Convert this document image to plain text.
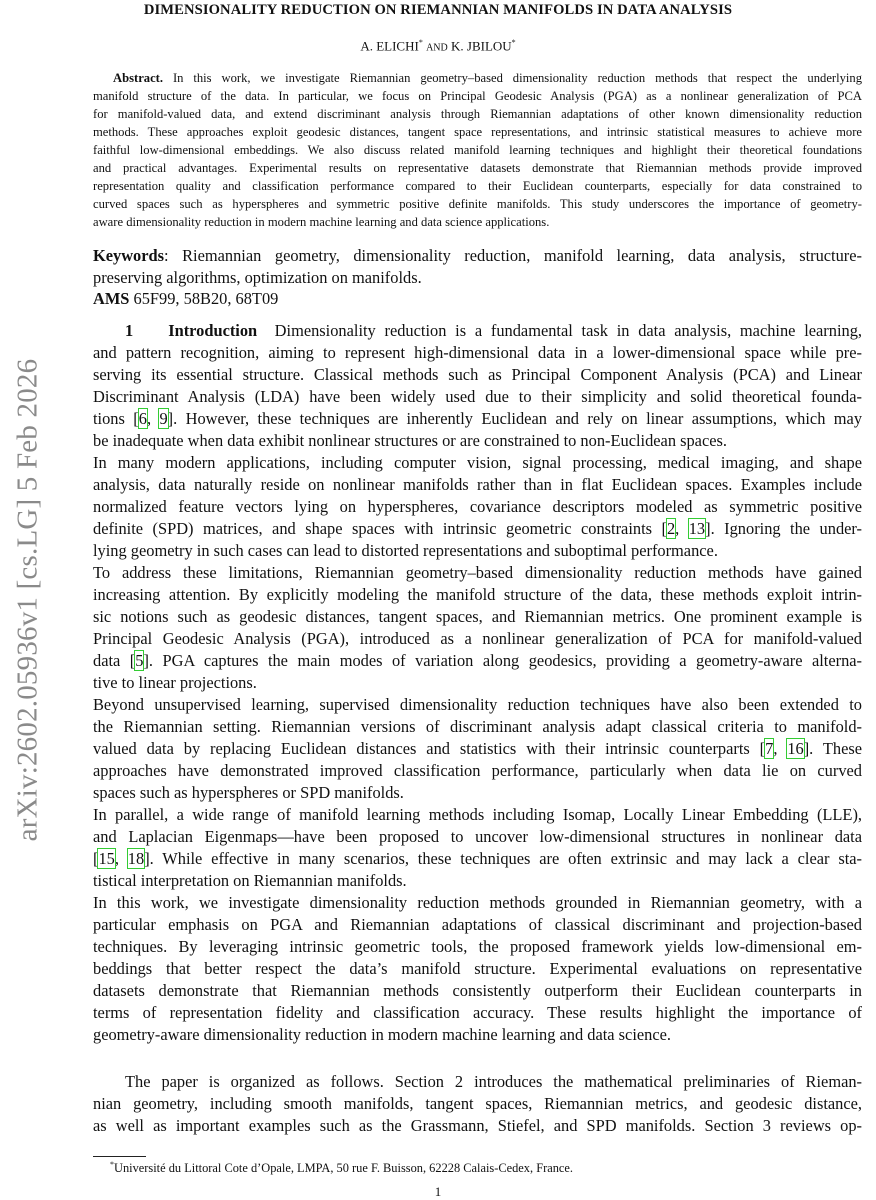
arXiv:2602.05936v1 [cs.LG] 5 Feb 2026
DIMENSIONALITY REDUCTION ON RIEMANNIAN MANIFOLDS IN DATA ANALYSIS
A. ELICHI* AND K. JBILOU*
Abstract. In this work, we investigate Riemannian geometry–based dimensionality reduction methods that respect the underlying
manifold structure of the data. In particular, we focus on Principal Geodesic Analysis (PGA) as a nonlinear generalization of PCA
for manifold-valued data, and extend discriminant analysis through Riemannian adaptations of other known dimensionality reduction
methods. These approaches exploit geodesic distances, tangent space representations, and intrinsic statistical measures to achieve more
faithful low-dimensional embeddings. We also discuss related manifold learning techniques and highlight their theoretical foundations
and practical advantages. Experimental results on representative datasets demonstrate that Riemannian methods provide improved
representation quality and classification performance compared to their Euclidean counterparts, especially for data constrained to
curved spaces such as hyperspheres and symmetric positive definite manifolds. This study underscores the importance of geometry-
aware dimensionality reduction in modern machine learning and data science applications.
Keywords: Riemannian geometry, dimensionality reduction, manifold learning, data analysis, structure-
preserving algorithms, optimization on manifolds.
AMS 65F99, 58B20, 68T09
1    Introduction  Dimensionality reduction is a fundamental task in data analysis, machine learning,
and pattern recognition, aiming to represent high-dimensional data in a lower-dimensional space while pre-
serving its essential structure. Classical methods such as Principal Component Analysis (PCA) and Linear
Discriminant Analysis (LDA) have been widely used due to their simplicity and solid theoretical founda-
tions [6, 9]. However, these techniques are inherently Euclidean and rely on linear assumptions, which may
be inadequate when data exhibit nonlinear structures or are constrained to non-Euclidean spaces.
In many modern applications, including computer vision, signal processing, medical imaging, and shape
analysis, data naturally reside on nonlinear manifolds rather than in flat Euclidean spaces. Examples include
normalized feature vectors lying on hyperspheres, covariance descriptors modeled as symmetric positive
definite (SPD) matrices, and shape spaces with intrinsic geometric constraints [2, 13]. Ignoring the under-
lying geometry in such cases can lead to distorted representations and suboptimal performance.
To address these limitations, Riemannian geometry–based dimensionality reduction methods have gained
increasing attention. By explicitly modeling the manifold structure of the data, these methods exploit intrin-
sic notions such as geodesic distances, tangent spaces, and Riemannian metrics. One prominent example is
Principal Geodesic Analysis (PGA), introduced as a nonlinear generalization of PCA for manifold-valued
data [5]. PGA captures the main modes of variation along geodesics, providing a geometry-aware alterna-
tive to linear projections.
Beyond unsupervised learning, supervised dimensionality reduction techniques have also been extended to
the Riemannian setting. Riemannian versions of discriminant analysis adapt classical criteria to manifold-
valued data by replacing Euclidean distances and statistics with their intrinsic counterparts [7, 16]. These
approaches have demonstrated improved classification performance, particularly when data lie on curved
spaces such as hyperspheres or SPD manifolds.
In parallel, a wide range of manifold learning methods including Isomap, Locally Linear Embedding (LLE),
and Laplacian Eigenmaps—have been proposed to uncover low-dimensional structures in nonlinear data
[15, 18]. While effective in many scenarios, these techniques are often extrinsic and may lack a clear sta-
tistical interpretation on Riemannian manifolds.
In this work, we investigate dimensionality reduction methods grounded in Riemannian geometry, with a
particular emphasis on PGA and Riemannian adaptations of classical discriminant and projection-based
techniques. By leveraging intrinsic geometric tools, the proposed framework yields low-dimensional em-
beddings that better respect the data’s manifold structure. Experimental evaluations on representative
datasets demonstrate that Riemannian methods consistently outperform their Euclidean counterparts in
terms of representation fidelity and classification accuracy. These results highlight the importance of
geometry-aware dimensionality reduction in modern machine learning and data science.
The paper is organized as follows. Section 2 introduces the mathematical preliminaries of Rieman-
nian geometry, including smooth manifolds, tangent spaces, Riemannian metrics, and geodesic distance,
as well as important examples such as the Grassmann, Stiefel, and SPD manifolds. Section 3 reviews op-
*Université du Littoral Cote d’Opale, LMPA, 50 rue F. Buisson, 62228 Calais-Cedex, France.
1
